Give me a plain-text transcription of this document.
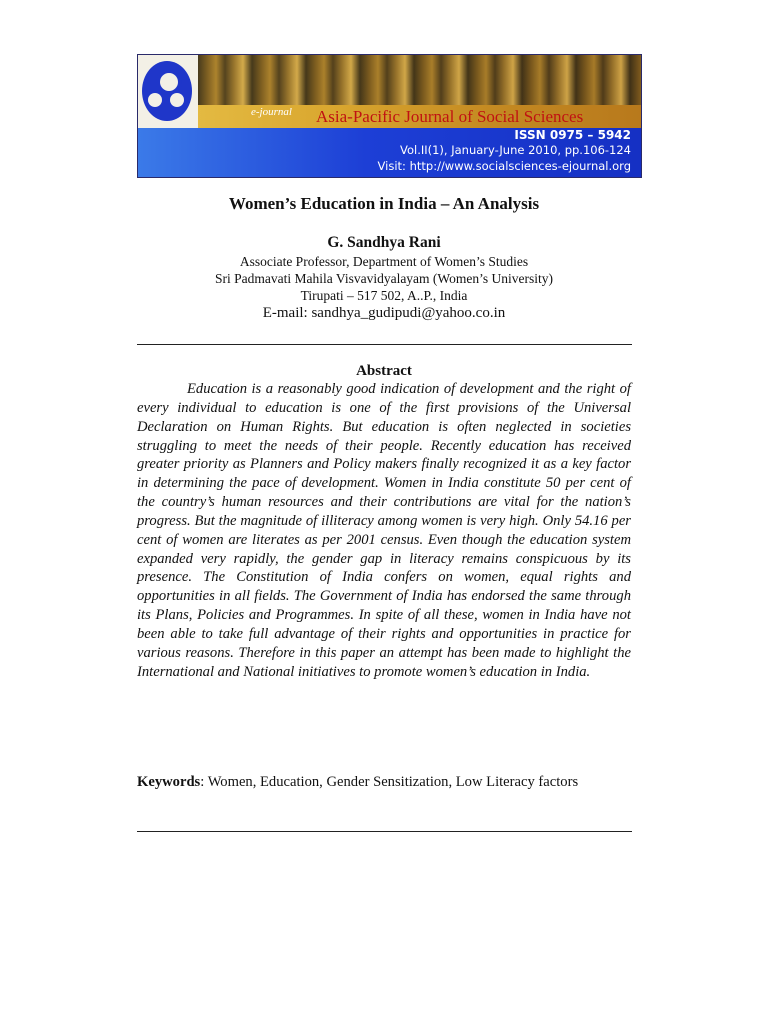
e-journal Asia-Pacific Journal of Social Sciences
ISSN 0975 – 5942
Vol.II(1), January-June 2010, pp.106-124
Visit: http://www.socialsciences-ejournal.org
Women’s Education in India – An Analysis
G. Sandhya Rani
Associate Professor, Department of Women’s Studies
Sri Padmavati Mahila Visvavidyalayam (Women’s University)
Tirupati – 517 502, A..P., India
E-mail: sandhya_gudipudi@yahoo.co.in
Abstract

Education is a reasonably good indication of development and the right of every individual to education is one of the first provisions of the Universal Declaration on Human Rights. But education is often neglected in societies struggling to meet the needs of their people. Recently education has received greater priority as Planners and Policy makers finally recognized it as a key factor in determining the pace of development. Women in India constitute 50 per cent of the country’s human resources and their contributions are vital for the nation’s progress. But the magnitude of illiteracy among women is very high. Only 54.16 per cent of women are literates as per 2001 census. Even though the education system expanded very rapidly, the gender gap in literacy remains conspicuous by its presence. The Constitution of India confers on women, equal rights and opportunities in all fields. The Government of India has endorsed the same through its Plans, Policies and Programmes. In spite of all these, women in India have not been able to take full advantage of their rights and opportunities in practice for various reasons. Therefore in this paper an attempt has been made to highlight the International and National initiatives to promote women’s education in India.

Keywords: Women, Education, Gender Sensitization, Low Literacy factors
